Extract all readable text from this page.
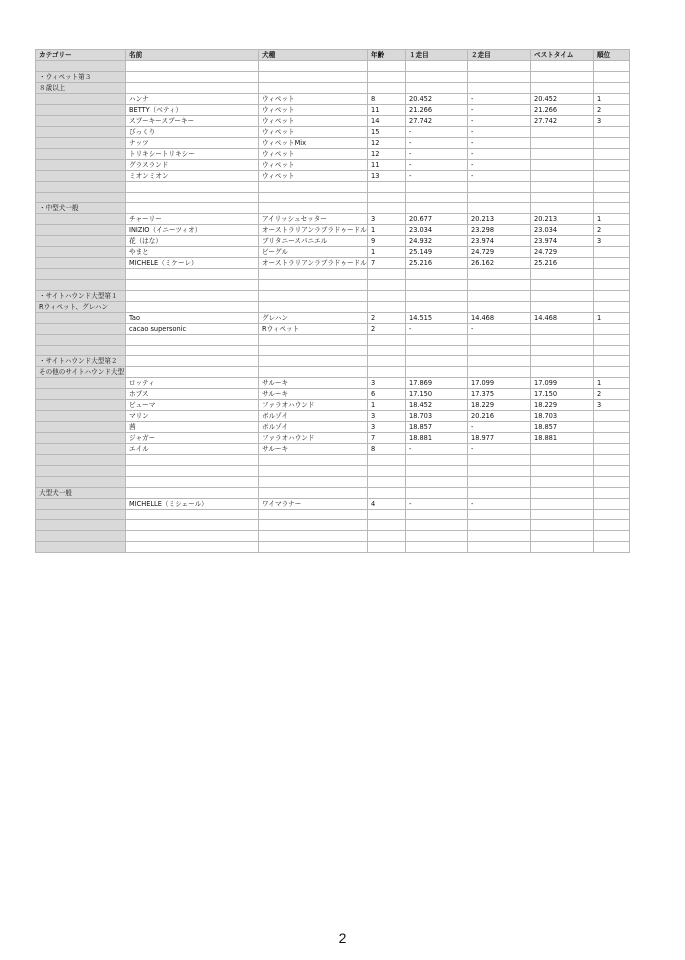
カテゴリー	名前	犬種	年齢	１走目	２走目	ベストタイム	順位

・ウィペット第３							
８歳以上							
	ハンナ	ウィペット	8	20.452	-	20.452	1
	BETTY（ベティ）	ウィペット	11	21.266	-	21.266	2
	スプーキースプーキー	ウィペット	14	27.742	-	27.742	3
	びっくり	ウィペット	15	-	-		
	ナッツ	ウィペットMix	12	-	-		
	トリキシートリキシー	ウィペット	12	-	-		
	グラスランド	ウィペット	11	-	-		
	ミオンミオン	ウィペット	13	-	-		

・中型犬一般							
	チャーリー	アイリッシュセッター	3	20.677	20.213	20.213	1
	INIZIO（イニーツィオ）	オーストラリアンラブラドゥードル	1	23.034	23.298	23.034	2
	花（はな）	ブリタニースパニエル	9	24.932	23.974	23.974	3
	やまと	ビーグル	1	25.149	24.729	24.729	
	MICHELE（ミケーレ）	オーストラリアンラブラドゥードル	7	25.216	26.162	25.216	

・サイトハウンド大型第１							
Rウィペット、グレハン							
	Tao	グレハン	2	14.515	14.468	14.468	1
	cacao supersonic	Rウィペット	2	-	-		

・サイトハウンド大型第２							
その他のサイトハウンド大型							
	ロッティ	サルーキ	3	17.869	17.099	17.099	1
	ホプス	サルーキ	6	17.150	17.375	17.150	2
	ビューマ	ファラオハウンド	1	18.452	18.229	18.229	3
	マリン	ボルゾイ	3	18.703	20.216	18.703	
	茜	ボルゾイ	3	18.857	-	18.857	
	ジャガー	ファラオハウンド	7	18.881	18.977	18.881	
	エイル	サルーキ	8	-	-		

大型犬一般							
	MICHELLE（ミシェール）	ワイマラナー	4	-	-		

2
